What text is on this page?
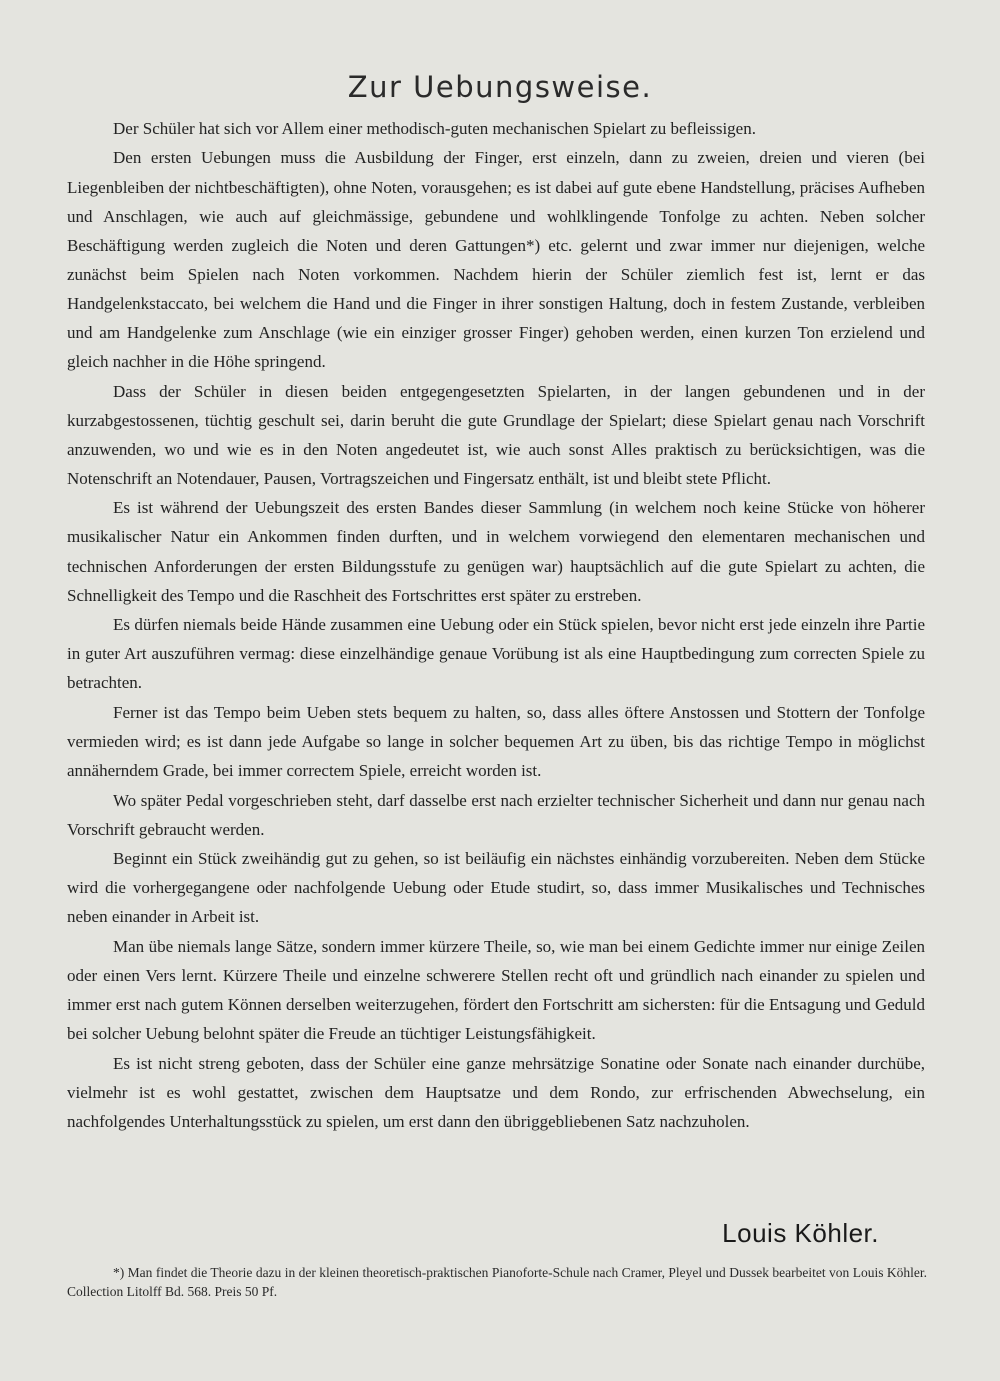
Zur Uebungsweise.

Der Schüler hat sich vor Allem einer methodisch-guten mechanischen Spielart zu befleissigen.

Den ersten Uebungen muss die Ausbildung der Finger, erst einzeln, dann zu zweien, dreien und vieren (bei Liegenbleiben der nichtbeschäftigten), ohne Noten, vorausgehen; es ist dabei auf gute ebene Handstellung, präcises Aufheben und Anschlagen, wie auch auf gleichmässige, gebundene und wohlklingende Tonfolge zu achten. Neben solcher Beschäftigung werden zugleich die Noten und deren Gattungen*) etc. gelernt und zwar immer nur diejenigen, welche zunächst beim Spielen nach Noten vorkommen. Nachdem hierin der Schüler ziemlich fest ist, lernt er das Handgelenkstaccato, bei welchem die Hand und die Finger in ihrer sonstigen Haltung, doch in festem Zustande, verbleiben und am Handgelenke zum Anschlage (wie ein einziger grosser Finger) gehoben werden, einen kurzen Ton erzielend und gleich nachher in die Höhe springend.

Dass der Schüler in diesen beiden entgegengesetzten Spielarten, in der langen gebundenen und in der kurzabgestossenen, tüchtig geschult sei, darin beruht die gute Grundlage der Spielart; diese Spielart genau nach Vorschrift anzuwenden, wo und wie es in den Noten angedeutet ist, wie auch sonst Alles praktisch zu berücksichtigen, was die Notenschrift an Notendauer, Pausen, Vortragszeichen und Fingersatz enthält, ist und bleibt stete Pflicht.

Es ist während der Uebungszeit des ersten Bandes dieser Sammlung (in welchem noch keine Stücke von höherer musikalischer Natur ein Ankommen finden durften, und in welchem vorwiegend den elementaren mechanischen und technischen Anforderungen der ersten Bildungsstufe zu genügen war) hauptsächlich auf die gute Spielart zu achten, die Schnelligkeit des Tempo und die Raschheit des Fortschrittes erst später zu erstreben.

Es dürfen niemals beide Hände zusammen eine Uebung oder ein Stück spielen, bevor nicht erst jede einzeln ihre Partie in guter Art auszuführen vermag: diese einzelhändige genaue Vorübung ist als eine Hauptbedingung zum correcten Spiele zu betrachten.

Ferner ist das Tempo beim Ueben stets bequem zu halten, so, dass alles öftere Anstossen und Stottern der Tonfolge vermieden wird; es ist dann jede Aufgabe so lange in solcher bequemen Art zu üben, bis das richtige Tempo in möglichst annäherndem Grade, bei immer correctem Spiele, erreicht worden ist.

Wo später Pedal vorgeschrieben steht, darf dasselbe erst nach erzielter technischer Sicherheit und dann nur genau nach Vorschrift gebraucht werden.

Beginnt ein Stück zweihändig gut zu gehen, so ist beiläufig ein nächstes einhändig vorzubereiten. Neben dem Stücke wird die vorhergegangene oder nachfolgende Uebung oder Etude studirt, so, dass immer Musikalisches und Technisches neben einander in Arbeit ist.

Man übe niemals lange Sätze, sondern immer kürzere Theile, so, wie man bei einem Gedichte immer nur einige Zeilen oder einen Vers lernt. Kürzere Theile und einzelne schwerere Stellen recht oft und gründlich nach einander zu spielen und immer erst nach gutem Können derselben weiterzugehen, fördert den Fortschritt am sichersten: für die Entsagung und Geduld bei solcher Uebung belohnt später die Freude an tüchtiger Leistungsfähigkeit.

Es ist nicht streng geboten, dass der Schüler eine ganze mehrsätzige Sonatine oder Sonate nach einander durchübe, vielmehr ist es wohl gestattet, zwischen dem Hauptsatze und dem Rondo, zur erfrischenden Abwechselung, ein nachfolgendes Unterhaltungsstück zu spielen, um erst dann den übriggebliebenen Satz nachzuholen.

Louis Köhler.

*) Man findet die Theorie dazu in der kleinen theoretisch-praktischen Pianoforte-Schule nach Cramer, Pleyel und Dussek bearbeitet von Louis Köhler. Collection Litolff Bd. 568. Preis 50 Pf.
